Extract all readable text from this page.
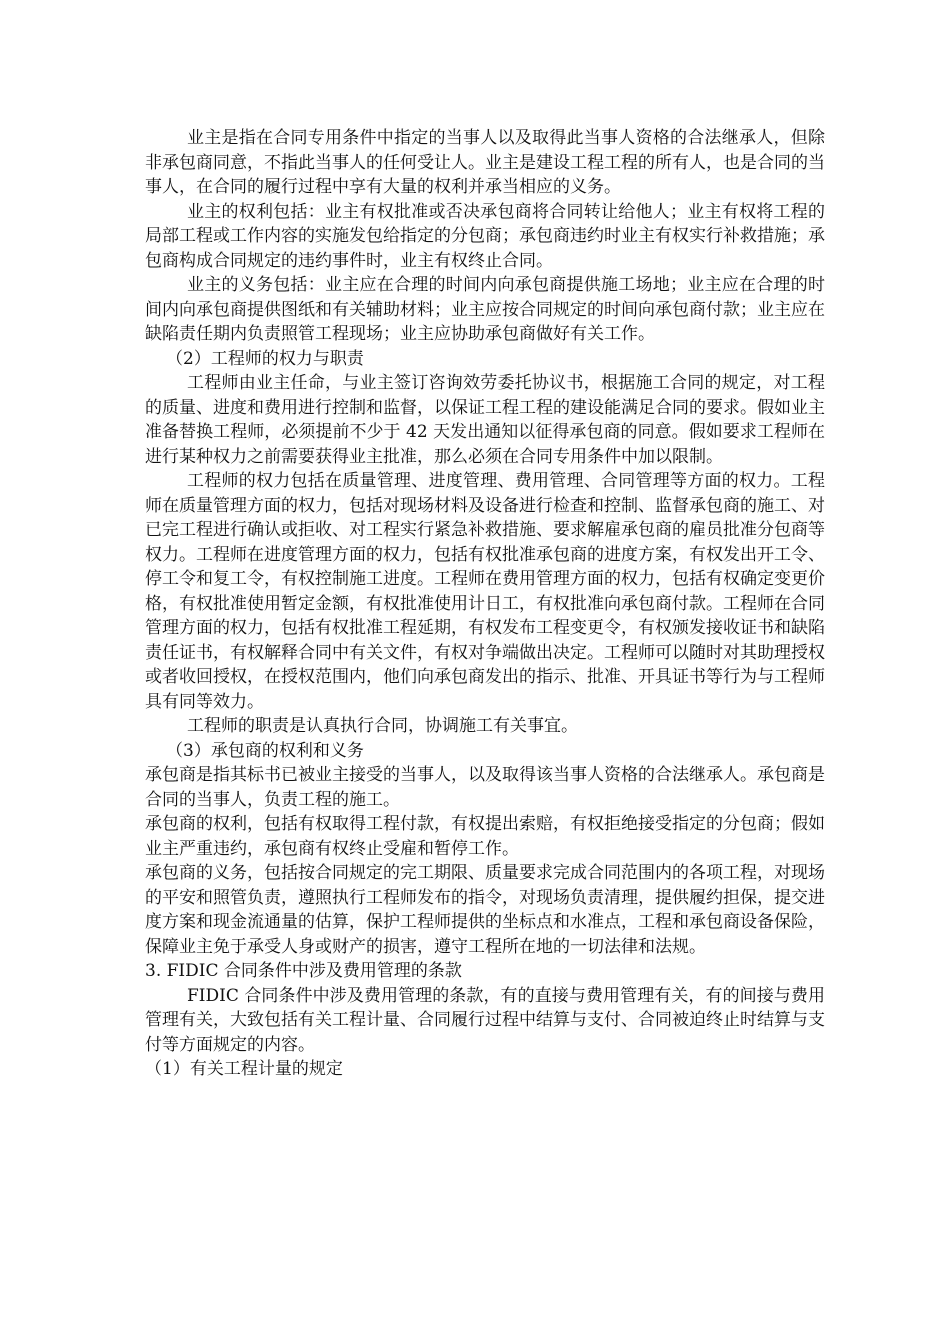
业主是指在合同专用条件中指定的当事人以及取得此当事人资格的合法继承人，但除非承包商同意，不指此当事人的任何受让人。业主是建设工程工程的所有人，也是合同的当事人，在合同的履行过程中享有大量的权利并承当相应的义务。

业主的权利包括：业主有权批准或否决承包商将合同转让给他人；业主有权将工程的局部工程或工作内容的实施发包给指定的分包商；承包商违约时业主有权实行补救措施；承包商构成合同规定的违约事件时，业主有权终止合同。

业主的义务包括：业主应在合理的时间内向承包商提供施工场地；业主应在合理的时间内向承包商提供图纸和有关辅助材料；业主应按合同规定的时间向承包商付款；业主应在缺陷责任期内负责照管工程现场；业主应协助承包商做好有关工作。

（2）工程师的权力与职责

工程师由业主任命，与业主签订咨询效劳委托协议书，根据施工合同的规定，对工程的质量、进度和费用进行控制和监督，以保证工程工程的建设能满足合同的要求。假如业主准备替换工程师，必须提前不少于 42 天发出通知以征得承包商的同意。假如要求工程师在进行某种权力之前需要获得业主批准，那么必须在合同专用条件中加以限制。

工程师的权力包括在质量管理、进度管理、费用管理、合同管理等方面的权力。工程师在质量管理方面的权力，包括对现场材料及设备进行检查和控制、监督承包商的施工、对已完工程进行确认或拒收、对工程实行紧急补救措施、要求解雇承包商的雇员批准分包商等权力。工程师在进度管理方面的权力，包括有权批准承包商的进度方案，有权发出开工令、停工令和复工令，有权控制施工进度。工程师在费用管理方面的权力，包括有权确定变更价格，有权批准使用暂定金额，有权批准使用计日工，有权批准向承包商付款。工程师在合同管理方面的权力，包括有权批准工程延期，有权发布工程变更令，有权颁发接收证书和缺陷责任证书，有权解释合同中有关文件，有权对争端做出决定。工程师可以随时对其助理授权或者收回授权，在授权范围内，他们向承包商发出的指示、批准、开具证书等行为与工程师具有同等效力。

工程师的职责是认真执行合同，协调施工有关事宜。

（3）承包商的权利和义务

承包商是指其标书已被业主接受的当事人，以及取得该当事人资格的合法继承人。承包商是合同的当事人，负责工程的施工。

承包商的权利，包括有权取得工程付款，有权提出索赔，有权拒绝接受指定的分包商；假如业主严重违约，承包商有权终止受雇和暂停工作。

承包商的义务，包括按合同规定的完工期限、质量要求完成合同范围内的各项工程，对现场的平安和照管负责，遵照执行工程师发布的指令，对现场负责清理，提供履约担保，提交进度方案和现金流通量的估算，保护工程师提供的坐标点和水准点，工程和承包商设备保险，保障业主免于承受人身或财产的损害，遵守工程所在地的一切法律和法规。

3. FIDIC 合同条件中涉及费用管理的条款

FIDIC 合同条件中涉及费用管理的条款，有的直接与费用管理有关，有的间接与费用管理有关，大致包括有关工程计量、合同履行过程中结算与支付、合同被迫终止时结算与支付等方面规定的内容。

（1）有关工程计量的规定
